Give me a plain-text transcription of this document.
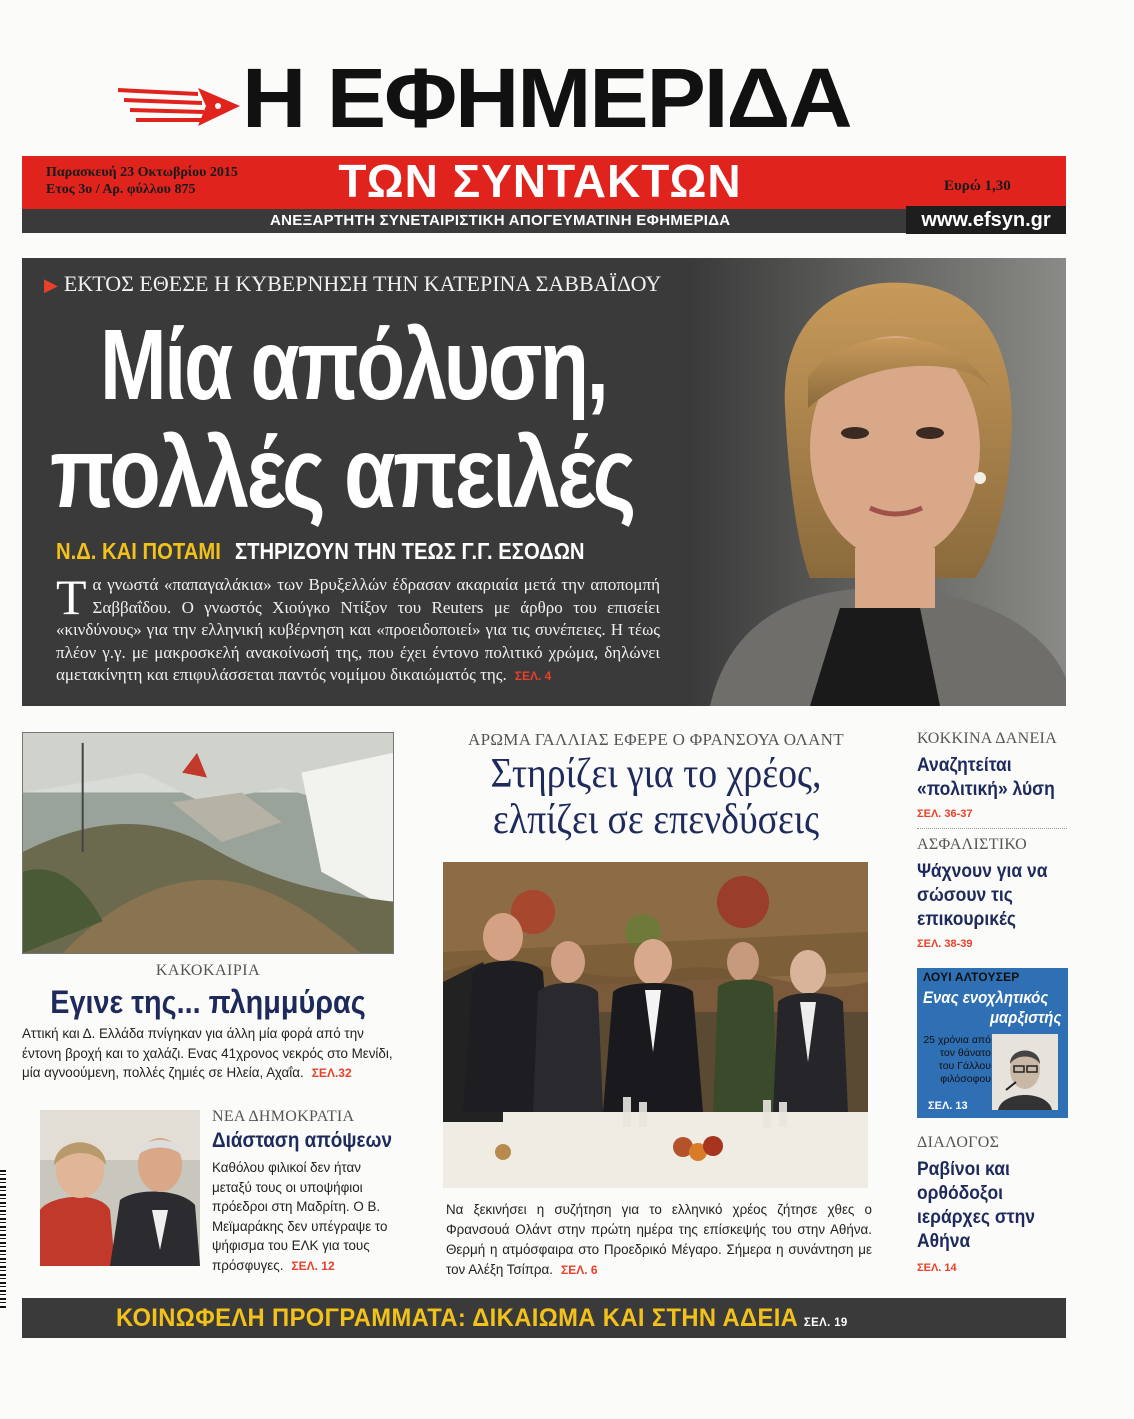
Η ΕΦΗΜΕΡΙΔΑ
Παρασκευή 23 Οκτωβρίου 2015
Ετος 3ο / Αρ. φύλλου 875	ΤΩΝ ΣΥΝΤΑΚΤΩΝ	Ευρώ 1,30
ΑΝΕΞΑΡΤΗΤΗ ΣΥΝΕΤΑΙΡΙΣΤΙΚΗ ΑΠΟΓΕΥΜΑΤΙΝΗ ΕΦΗΜΕΡΙΔΑ	www.efsyn.gr
▶ ΕΚΤΟΣ ΕΘΕΣΕ Η ΚΥΒΕΡΝΗΣΗ ΤΗΝ ΚΑΤΕΡΙΝΑ ΣΑΒΒΑΪΔΟΥ
Μία απόλυση,
πολλές απειλές
Ν.Δ. ΚΑΙ ΠΟΤΑΜΙ ΣΤΗΡΙΖΟΥΝ ΤΗΝ ΤΕΩΣ Γ.Γ. ΕΣΟΔΩΝ
Τα γνωστά «παπαγαλάκια» των Βρυξελλών έδρασαν ακαριαία μετά την αποπομπή Σαββαΐδου. Ο γνωστός Χιούγκο Ντίξον του Reuters με άρθρο του επισείει «κινδύνους» για την ελληνική κυβέρνηση και «προειδοποιεί» για τις συνέπειες. Η τέως πλέον γ.γ. με μακροσκελή ανακοίνωσή της, που έχει έντονο πολιτικό χρώμα, δηλώνει αμετακίνητη και επιφυλάσσεται παντός νομίμου δικαιώματός της. ΣΕΛ. 4
ΚΑΚΟΚΑΙΡΙΑ
Εγινε της... πλημμύρας
Αττική και Δ. Ελλάδα πνίγηκαν για άλλη μία φορά από την έντονη βροχή και το χαλάζι. Ενας 41χρονος νεκρός στο Μενίδι, μία αγνοούμενη, πολλές ζημιές σε Ηλεία, Αχαΐα. ΣΕΛ.32
ΝΕΑ ΔΗΜΟΚΡΑΤΙΑ
Διάσταση απόψεων
Καθόλου φιλικοί δεν ήταν μεταξύ τους οι υποψήφιοι πρόεδροι στη Μαδρίτη. Ο Β. Μεϊμαράκης δεν υπέγραψε το ψήφισμα του ΕΛΚ για τους πρόσφυγες. ΣΕΛ. 12
ΑΡΩΜΑ ΓΑΛΛΙΑΣ ΕΦΕΡΕ Ο ΦΡΑΝΣΟΥΑ ΟΛΑΝΤ
Στηρίζει για το χρέος,
ελπίζει σε επενδύσεις
Να ξεκινήσει η συζήτηση για το ελληνικό χρέος ζήτησε χθες ο Φρανσουά Ολάντ στην πρώτη ημέρα της επίσκεψής του στην Αθήνα. Θερμή η ατμόσφαιρα στο Προεδρικό Μέγαρο. Σήμερα η συνάντηση με τον Αλέξη Τσίπρα. ΣΕΛ. 6
ΚΟΚΚΙΝΑ ΔΑΝΕΙΑ
Αναζητείται «πολιτική» λύση
ΣΕΛ. 36-37
ΑΣΦΑΛΙΣΤΙΚΟ
Ψάχνουν για να σώσουν τις επικουρικές
ΣΕΛ. 38-39
ΛΟΥΙ ΑΛΤΟΥΣΕΡ
Ενας ενοχλητικός
μαρξιστής
25 χρόνια από τον θάνατο του Γάλλου φιλόσοφου
ΣΕΛ. 13
ΔΙΑΛΟΓΟΣ
Ραβίνοι και ορθόδοξοι ιεράρχες στην Αθήνα
ΣΕΛ. 14
ΚΟΙΝΩΦΕΛΗ ΠΡΟΓΡΑΜΜΑΤΑ: ΔΙΚΑΙΩΜΑ ΚΑΙ ΣΤΗΝ ΑΔΕΙΑ ΣΕΛ. 19
